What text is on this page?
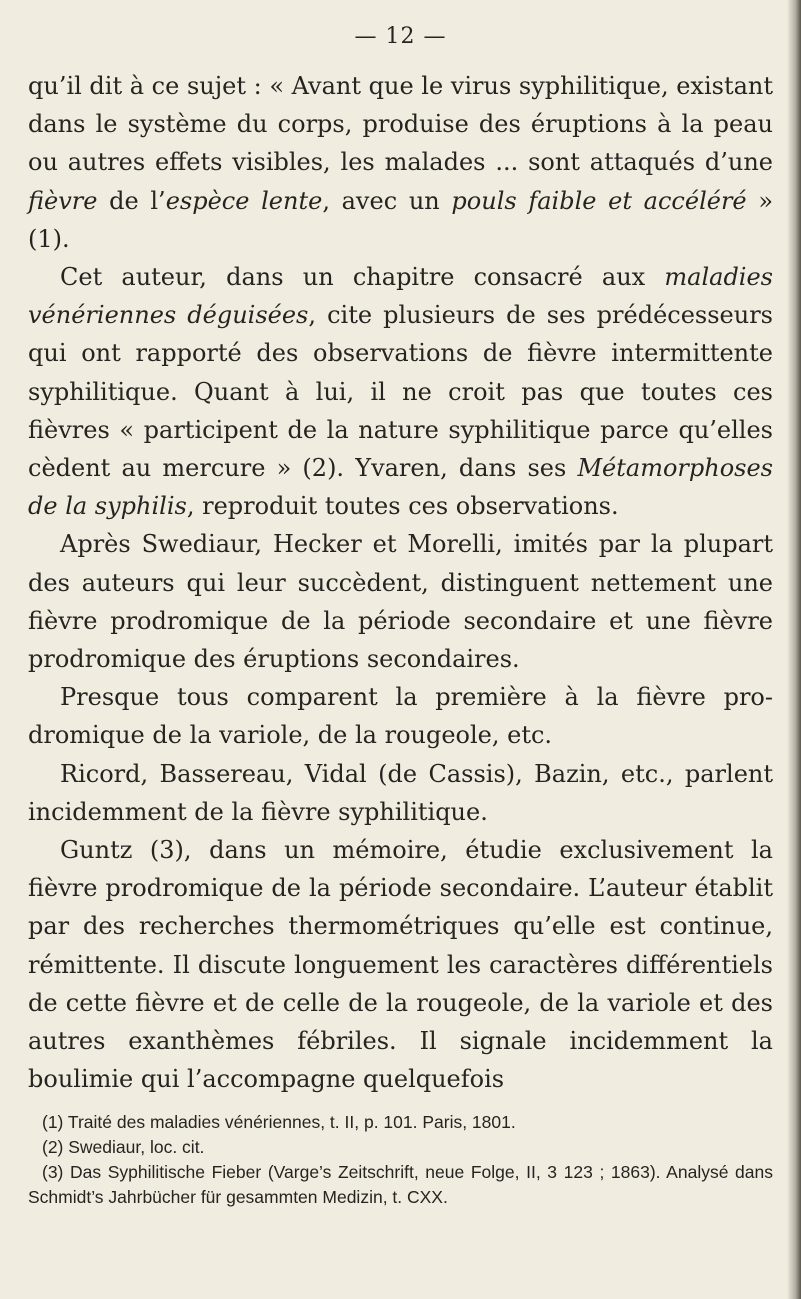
— 12 —

qu’il dit à ce sujet : « Avant que le virus syphilitique, existant dans le système du corps, produise des éruptions à la peau ou autres effets visibles, les malades ... sont attaqués d’une fièvre de l’espèce lente, avec un pouls faible et accéléré » (1).

Cet auteur, dans un chapitre consacré aux maladies vénériennes déguisées, cite plusieurs de ses prédécesseurs qui ont rapporté des observations de fièvre intermittente syphilitique. Quant à lui, il ne croit pas que toutes ces fièvres « participent de la nature syphilitique parce qu’elles cèdent au mercure » (2). Yvaren, dans ses Métamorphoses de la syphilis, reproduit toutes ces observations.

Après Swediaur, Hecker et Morelli, imités par la plupart des auteurs qui leur succèdent, distinguent nettement une fièvre prodromique de la période secondaire et une fièvre prodromique des éruptions secondaires.

Presque tous comparent la première à la fièvre prodromique de la variole, de la rougeole, etc.

Ricord, Bassereau, Vidal (de Cassis), Bazin, etc., parlent incidemment de la fièvre syphilitique.

Guntz (3), dans un mémoire, étudie exclusivement la fièvre prodromique de la période secondaire. L’auteur établit par des recherches thermométriques qu’elle est continue, rémittente. Il discute longuement les caractères différentiels de cette fièvre et de celle de la rougeole, de la variole et des autres exanthèmes fébriles. Il signale incidemment la boulimie qui l’accompagne quelquefois

(1) Traité des maladies vénériennes, t. II, p. 101. Paris, 1801.

(2) Swediaur, loc. cit.

(3) Das Syphilitische Fieber (Varge’s Zeitschrift, neue Folge, II, 3 123 ; 1863). Analysé dans Schmidt’s Jahrbücher für gesammten Medizin, t. CXX.
